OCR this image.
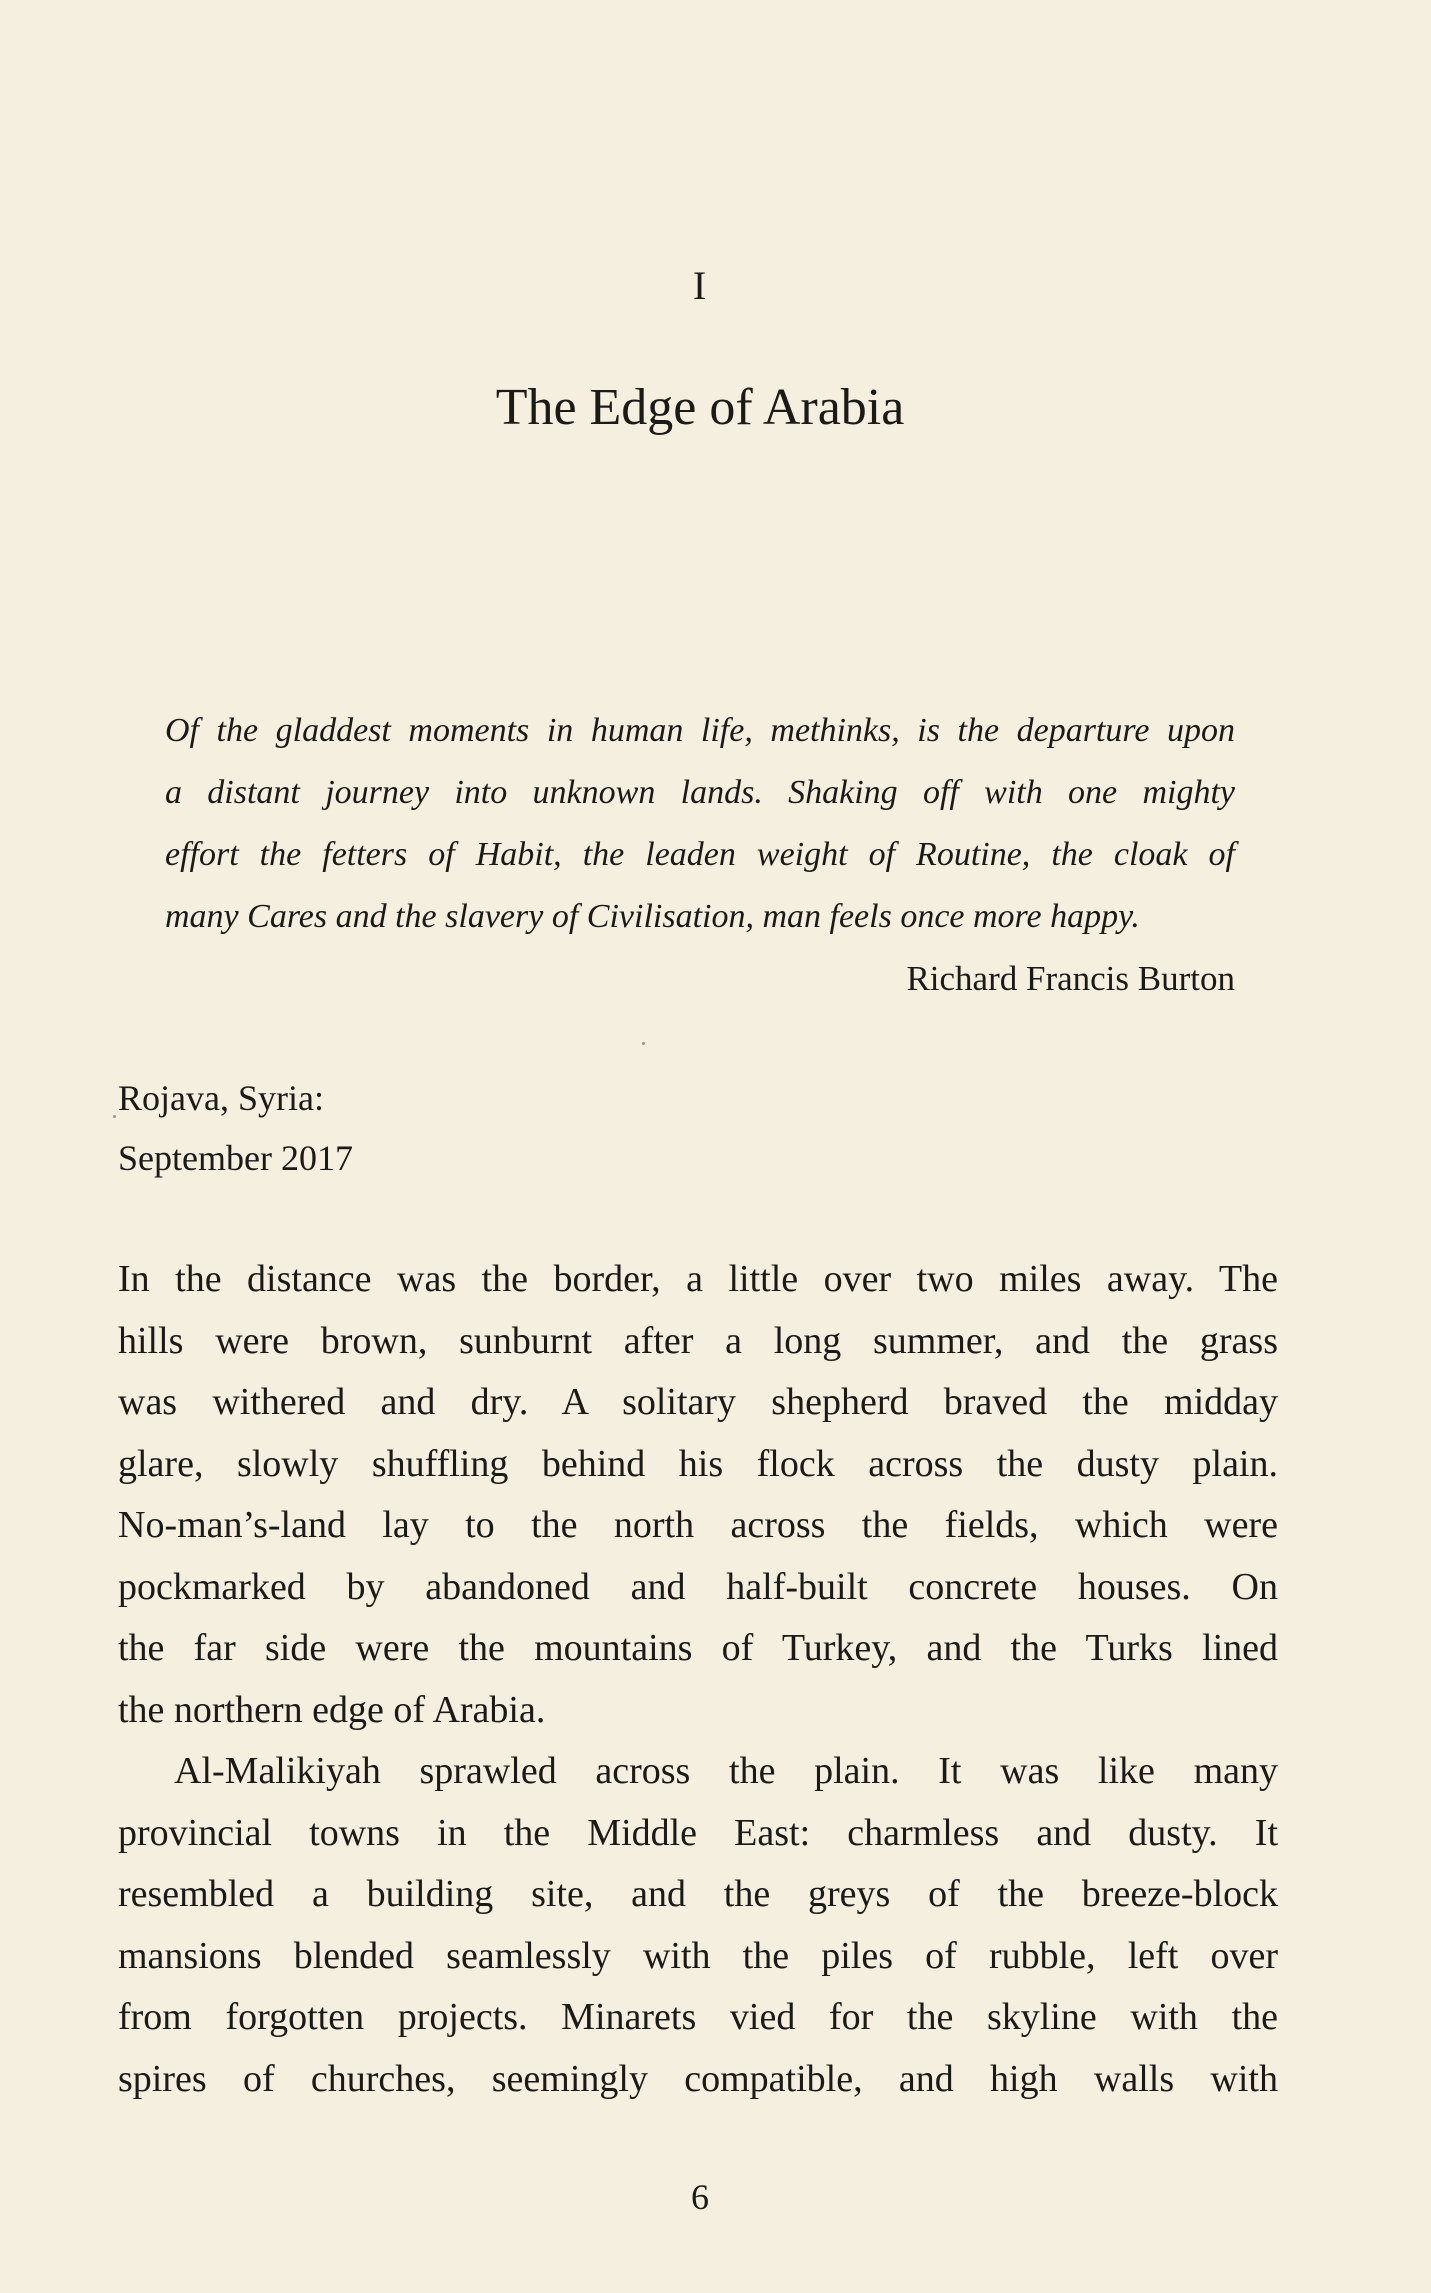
I
The Edge of Arabia
Of the gladdest moments in human life, methinks, is the departure upon
a distant journey into unknown lands. Shaking off with one mighty
effort the fetters of Habit, the leaden weight of Routine, the cloak of
many Cares and the slavery of Civilisation, man feels once more happy.
Richard Francis Burton
Rojava, Syria:
September 2017
In the distance was the border, a little over two miles away. The
hills were brown, sunburnt after a long summer, and the grass
was withered and dry. A solitary shepherd braved the midday
glare, slowly shuffling behind his flock across the dusty plain.
No-man’s-land lay to the north across the fields, which were
pockmarked by abandoned and half-built concrete houses. On
the far side were the mountains of Turkey, and the Turks lined
the northern edge of Arabia.
Al-Malikiyah sprawled across the plain. It was like many
provincial towns in the Middle East: charmless and dusty. It
resembled a building site, and the greys of the breeze-block
mansions blended seamlessly with the piles of rubble, left over
from forgotten projects. Minarets vied for the skyline with the
spires of churches, seemingly compatible, and high walls with
6
